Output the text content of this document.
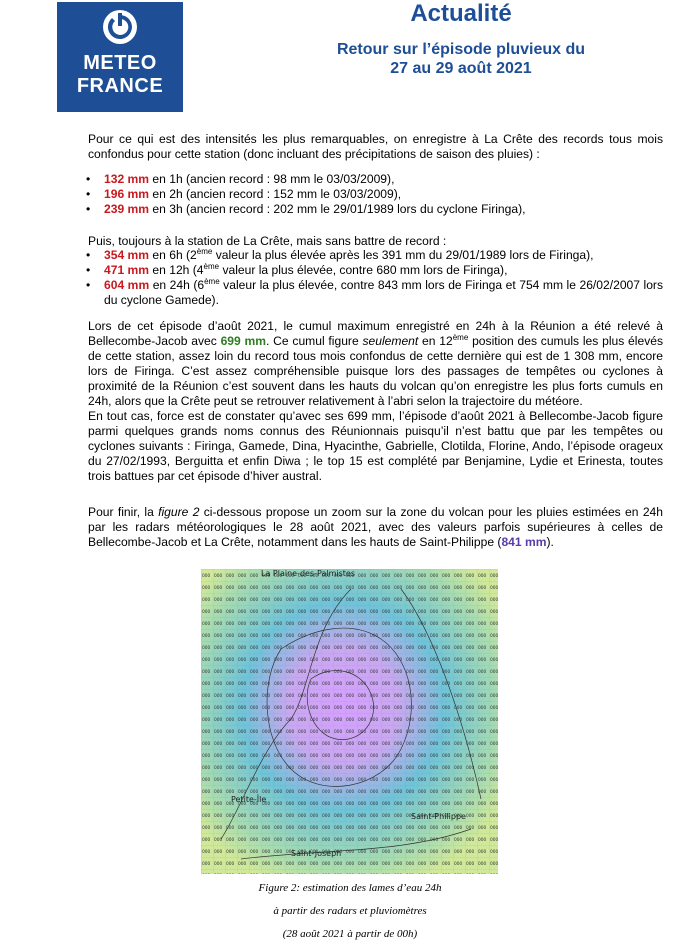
METEO
FRANCE
Actualité
Retour sur l’épisode pluvieux du
27 au 29 août 2021
Pour ce qui est des intensités les plus remarquables, on enregistre à La Crête des records tous mois confondus pour cette station (donc incluant des précipitations de saison des pluies) :
• 132 mm en 1h (ancien record : 98 mm le 03/03/2009),
• 196 mm en 2h (ancien record : 152 mm le 03/03/2009),
• 239 mm en 3h (ancien record : 202 mm le 29/01/1989 lors du cyclone Firinga),
Puis, toujours à la station de La Crête, mais sans battre de record :
• 354 mm en 6h (2ème valeur la plus élevée après les 391 mm du 29/01/1989 lors de Firinga),
• 471 mm en 12h (4ème valeur la plus élevée, contre 680 mm lors de Firinga),
• 604 mm en 24h (6ème valeur la plus élevée, contre 843 mm lors de Firinga et 754 mm le 26/02/2007 lors du cyclone Gamede).
Lors de cet épisode d’août 2021, le cumul maximum enregistré en 24h à la Réunion a été relevé à Bellecombe-Jacob avec 699 mm. Ce cumul figure seulement en 12ème position des cumuls les plus élevés de cette station, assez loin du record tous mois confondus de cette dernière qui est de 1 308 mm, encore lors de Firinga. C’est assez compréhensible puisque lors des passages de tempêtes ou cyclones à proximité de la Réunion c’est souvent dans les hauts du volcan qu’on enregistre les plus forts cumuls en 24h, alors que la Crête peut se retrouver relativement à l’abri selon la trajectoire du météore.
En tout cas, force est de constater qu’avec ses 699 mm, l’épisode d’août 2021 à Bellecombe-Jacob figure parmi quelques grands noms connus des Réunionnais puisqu’il n’est battu que par les tempêtes ou cyclones suivants : Firinga, Gamede, Dina, Hyacinthe, Gabrielle, Clotilda, Florine, Ando, l’épisode orageux du 27/02/1993, Berguitta et enfin Diwa ; le top 15 est complété par Benjamine, Lydie et Erinesta, toutes trois battues par cet épisode d’hiver austral.
Pour finir, la figure 2 ci-dessous propose un zoom sur la zone du volcan pour les pluies estimées en 24h par les radars météorologiques le 28 août 2021, avec des valeurs parfois supérieures à celles de Bellecombe-Jacob et La Crête, notamment dans les hauts de Saint-Philippe (841 mm).
La Plaine-des-Palmistes
Petite-Île
Saint-Joseph
Saint-Philippe
Figure 2: estimation des lames d’eau 24h
à partir des radars et pluviomètres
(28 août 2021 à partir de 00h)
